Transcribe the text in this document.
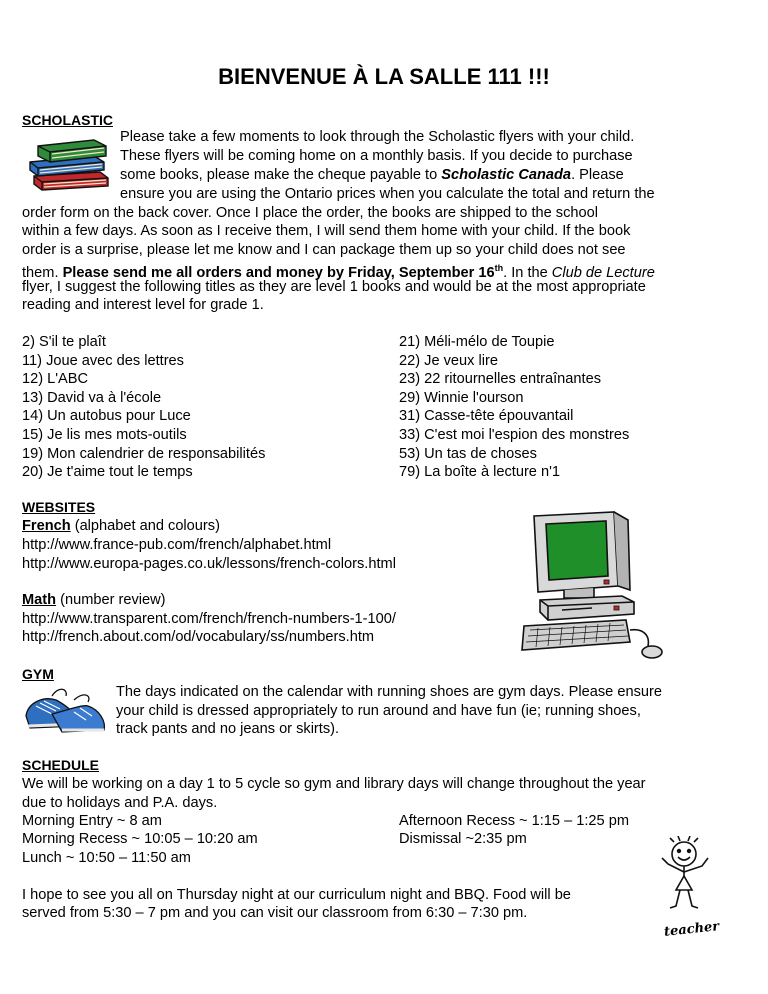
BIENVENUE À LA SALLE 111 !!!
SCHOLASTIC
Please take a few moments to look through the Scholastic flyers with your child.
These flyers will be coming home on a monthly basis. If you decide to purchase
some books, please make the cheque payable to Scholastic Canada. Please
ensure you are using the Ontario prices when you calculate the total and return the
order form on the back cover. Once I place the order, the books are shipped to the school
within a few days. As soon as I receive them, I will send them home with your child. If the book
order is a surprise, please let me know and I can package them up so your child does not see
them. Please send me all orders and money by Friday, September 16th. In the Club de Lecture
flyer, I suggest the following titles as they are level 1 books and would be at the most appropriate
reading and interest level for grade 1.
2) S'il te plaît
11) Joue avec des lettres
12) L'ABC
13) David va à l'école
14) Un autobus pour Luce
15) Je lis mes mots-outils
19) Mon calendrier de responsabilités
20) Je t'aime tout le temps
21) Méli-mélo de Toupie
22) Je veux lire
23) 22 ritournelles entraînantes
29) Winnie l'ourson
31) Casse-tête épouvantail
33) C'est moi l'espion des monstres
53) Un tas de choses
79) La boîte à lecture n'1
WEBSITES
French (alphabet and colours)
http://www.france-pub.com/french/alphabet.html
http://www.europa-pages.co.uk/lessons/french-colors.html
Math (number review)
http://www.transparent.com/french/french-numbers-1-100/
http://french.about.com/od/vocabulary/ss/numbers.htm
GYM
The days indicated on the calendar with running shoes are gym days. Please ensure
your child is dressed appropriately to run around and have fun (ie; running shoes,
track pants and no jeans or skirts).
SCHEDULE
We will be working on a day 1 to 5 cycle so gym and library days will change throughout the year
due to holidays and P.A. days.
Morning Entry ~ 8 am
Morning Recess ~ 10:05 – 10:20 am
Lunch ~ 10:50 – 11:50 am
Afternoon Recess ~ 1:15 – 1:25 pm
Dismissal ~2:35 pm
I hope to see you all on Thursday night at our curriculum night and BBQ. Food will be
served from 5:30 – 7 pm and you can visit our classroom from 6:30 – 7:30 pm.
teacher
